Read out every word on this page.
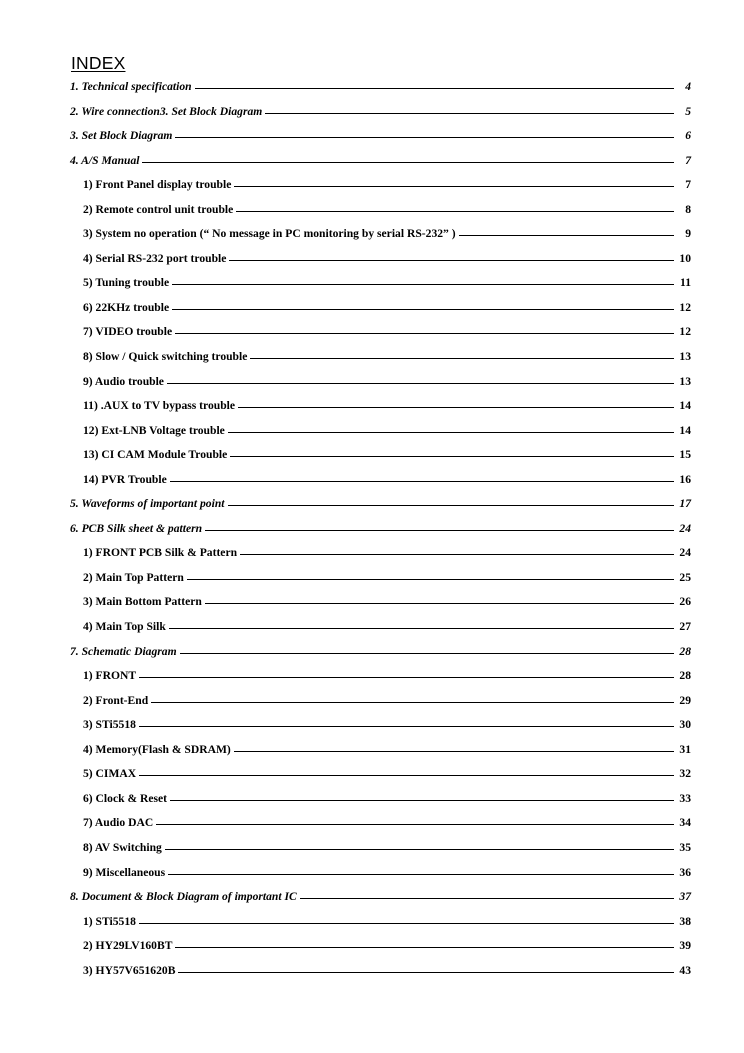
INDEX
1. Technical specification	4
2. Wire connection3. Set Block Diagram	5
3. Set Block Diagram	6
4. A/S Manual	7
1) Front Panel display trouble	7
2) Remote control unit trouble	8
3) System no operation (“ No message in PC monitoring by serial RS-232” )	9
4) Serial RS-232 port trouble	10
5) Tuning trouble	11
6) 22KHz trouble	12
7) VIDEO trouble	12
8) Slow / Quick switching trouble	13
9) Audio trouble	13
11) .AUX to TV bypass trouble	14
12) Ext-LNB Voltage trouble	14
13) CI CAM Module Trouble	15
14) PVR Trouble	16
5. Waveforms of important point	17
6. PCB Silk sheet & pattern	24
1) FRONT PCB Silk & Pattern	24
2) Main Top Pattern	25
3) Main Bottom Pattern	26
4) Main Top Silk	27
7. Schematic Diagram	28
1) FRONT	28
2) Front-End	29
3) STi5518	30
4) Memory(Flash & SDRAM)	31
5) CIMAX	32
6) Clock & Reset	33
7) Audio DAC	34
8) AV Switching	35
9) Miscellaneous	36
8. Document & Block Diagram of important IC	37
1) STi5518	38
2) HY29LV160BT	39
3) HY57V651620B	43
